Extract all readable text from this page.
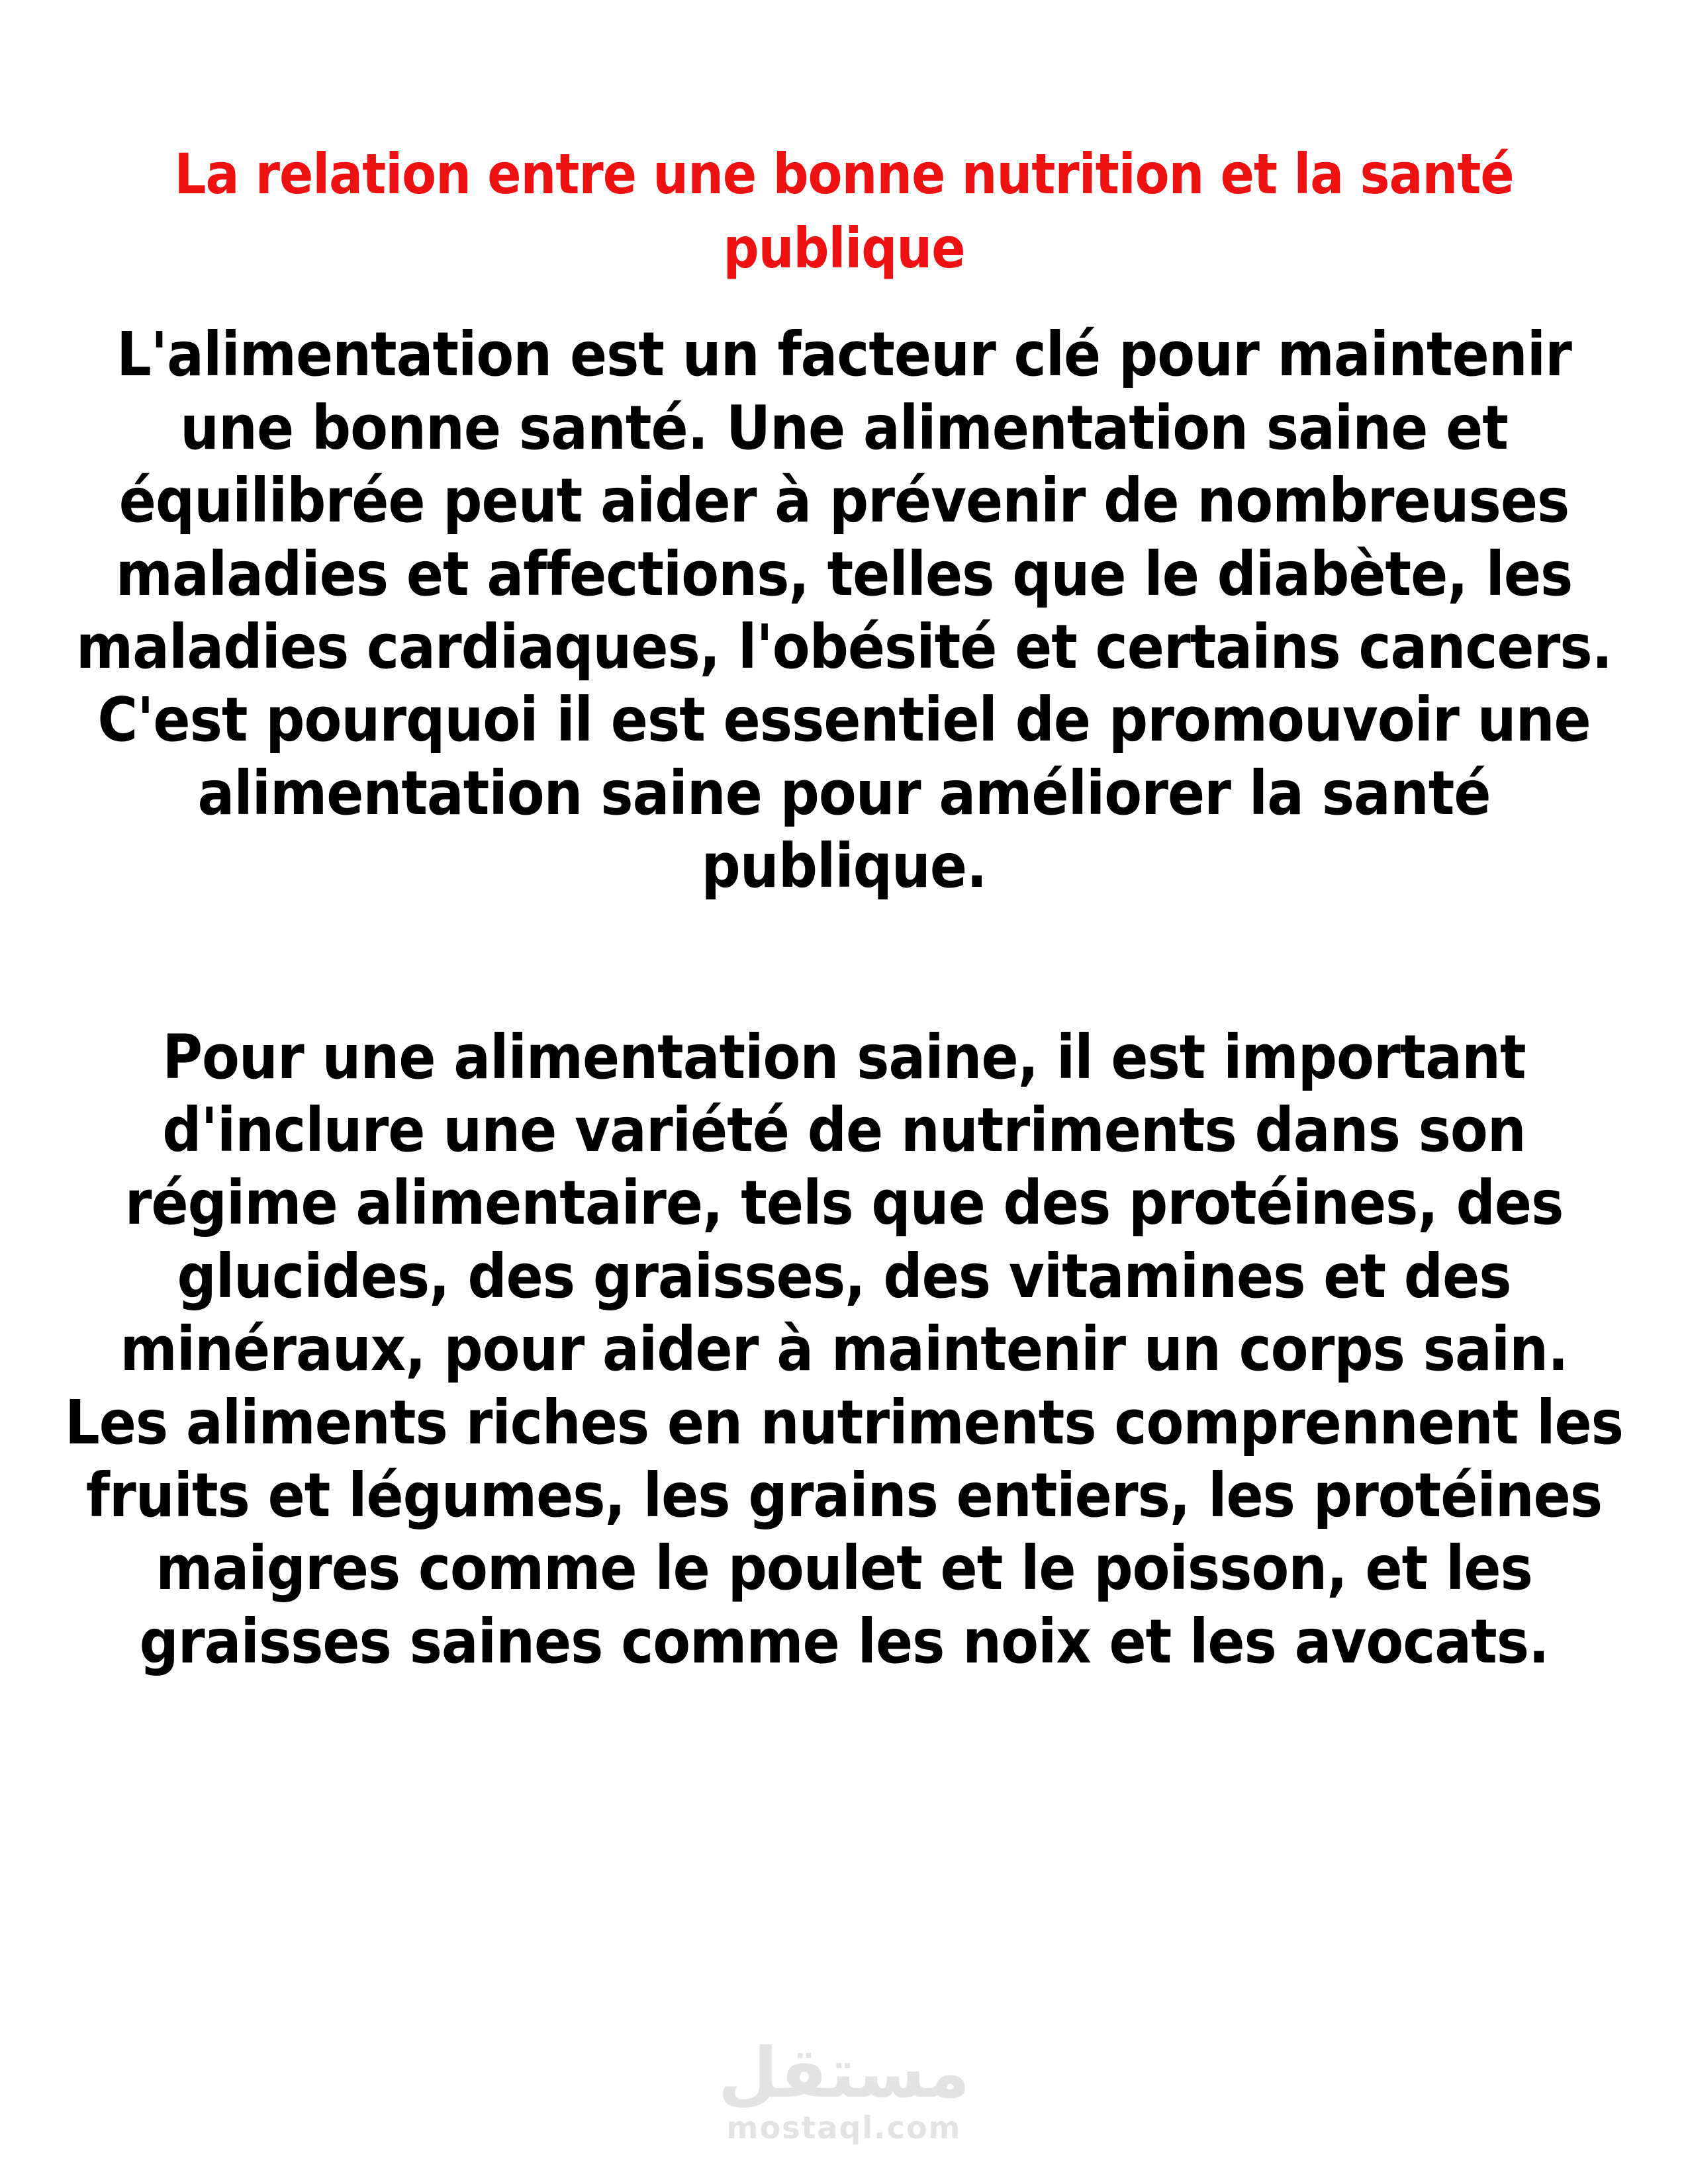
La relation entre une bonne nutrition et la santé publique

L'alimentation est un facteur clé pour maintenir une bonne santé. Une alimentation saine et équilibrée peut aider à prévenir de nombreuses maladies et affections, telles que le diabète, les maladies cardiaques, l'obésité et certains cancers. C'est pourquoi il est essentiel de promouvoir une alimentation saine pour améliorer la santé publique.

Pour une alimentation saine, il est important d'inclure une variété de nutriments dans son régime alimentaire, tels que des protéines, des glucides, des graisses, des vitamines et des minéraux, pour aider à maintenir un corps sain. Les aliments riches en nutriments comprennent les fruits et légumes, les grains entiers, les protéines maigres comme le poulet et le poisson, et les graisses saines comme les noix et les avocats.

مستقل
mostaql.com
